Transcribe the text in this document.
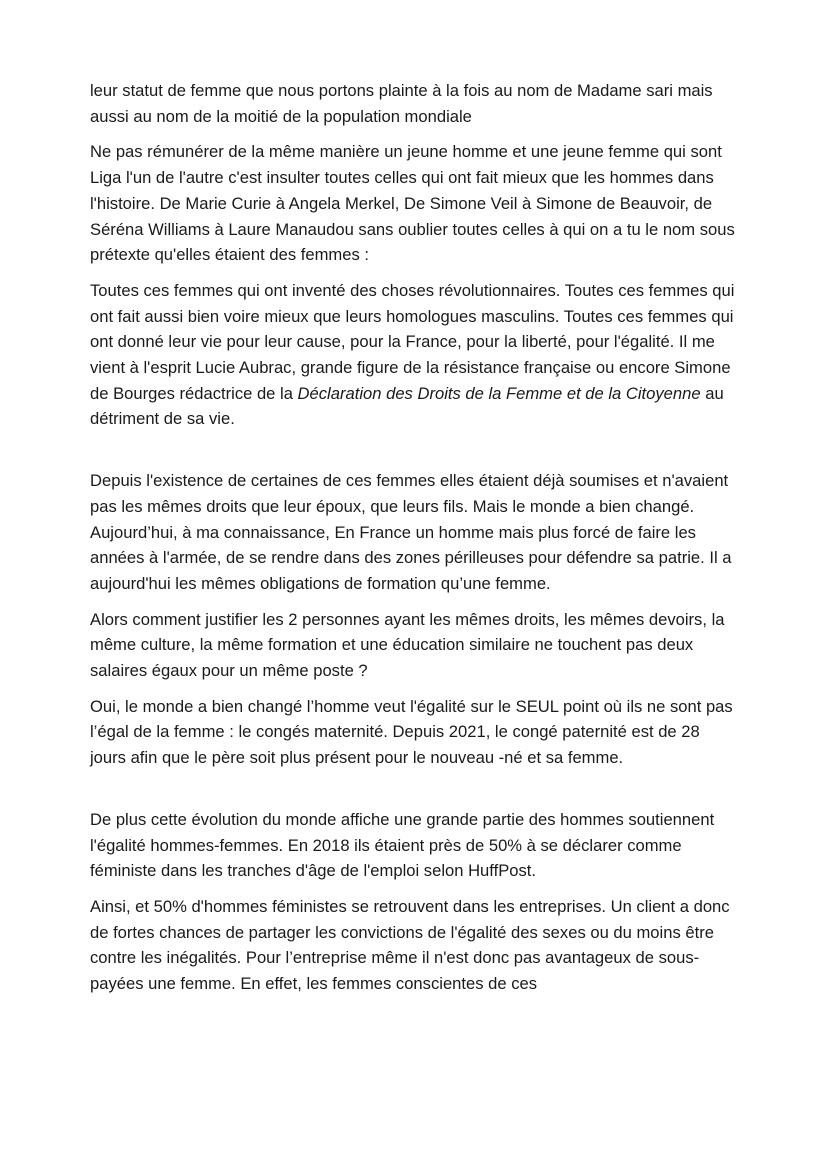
leur statut de femme que nous portons plainte à la fois au nom de Madame sari mais aussi au nom de la moitié de la population mondiale

Ne pas rémunérer de la même manière un jeune homme et une jeune femme qui sont Liga l'un de l'autre c'est insulter toutes celles qui ont fait mieux que les hommes dans l'histoire. De Marie Curie à Angela Merkel, De Simone Veil à Simone de Beauvoir, de Séréna Williams à Laure Manaudou sans oublier toutes celles à qui on a tu le nom sous prétexte qu'elles étaient des femmes :

Toutes ces femmes qui ont inventé des choses révolutionnaires. Toutes ces femmes qui ont fait aussi bien voire mieux que leurs homologues masculins. Toutes ces femmes qui ont donné leur vie pour leur cause, pour la France, pour la liberté, pour l'égalité. Il me vient à l'esprit Lucie Aubrac, grande figure de la résistance française ou encore Simone de Bourges rédactrice de la Déclaration des Droits de la Femme et de la Citoyenne au détriment de sa vie.

Depuis l'existence de certaines de ces femmes elles étaient déjà soumises et n'avaient pas les mêmes droits que leur époux, que leurs fils. Mais le monde a bien changé. Aujourd’hui, à ma connaissance, En France un homme mais plus forcé de faire les années à l'armée, de se rendre dans des zones périlleuses pour défendre sa patrie. Il a aujourd'hui les mêmes obligations de formation qu’une femme.

Alors comment justifier les 2 personnes ayant les mêmes droits, les mêmes devoirs, la même culture, la même formation et une éducation similaire ne touchent pas deux salaires égaux pour un même poste ?

Oui, le monde a bien changé l’homme veut l'égalité sur le SEUL point où ils ne sont pas l’égal de la femme : le congés maternité. Depuis 2021, le congé paternité est de 28 jours afin que le père soit plus présent pour le nouveau -né et sa femme.

De plus cette évolution du monde affiche une grande partie des hommes soutiennent l'égalité hommes-femmes. En 2018 ils étaient près de 50% à se déclarer comme féministe dans les tranches d'âge de l'emploi selon HuffPost.

Ainsi, et 50% d'hommes féministes se retrouvent dans les entreprises. Un client a donc de fortes chances de partager les convictions de l'égalité des sexes ou du moins être contre les inégalités. Pour l’entreprise même il n'est donc pas avantageux de sous-payées une femme. En effet, les femmes conscientes de ces
